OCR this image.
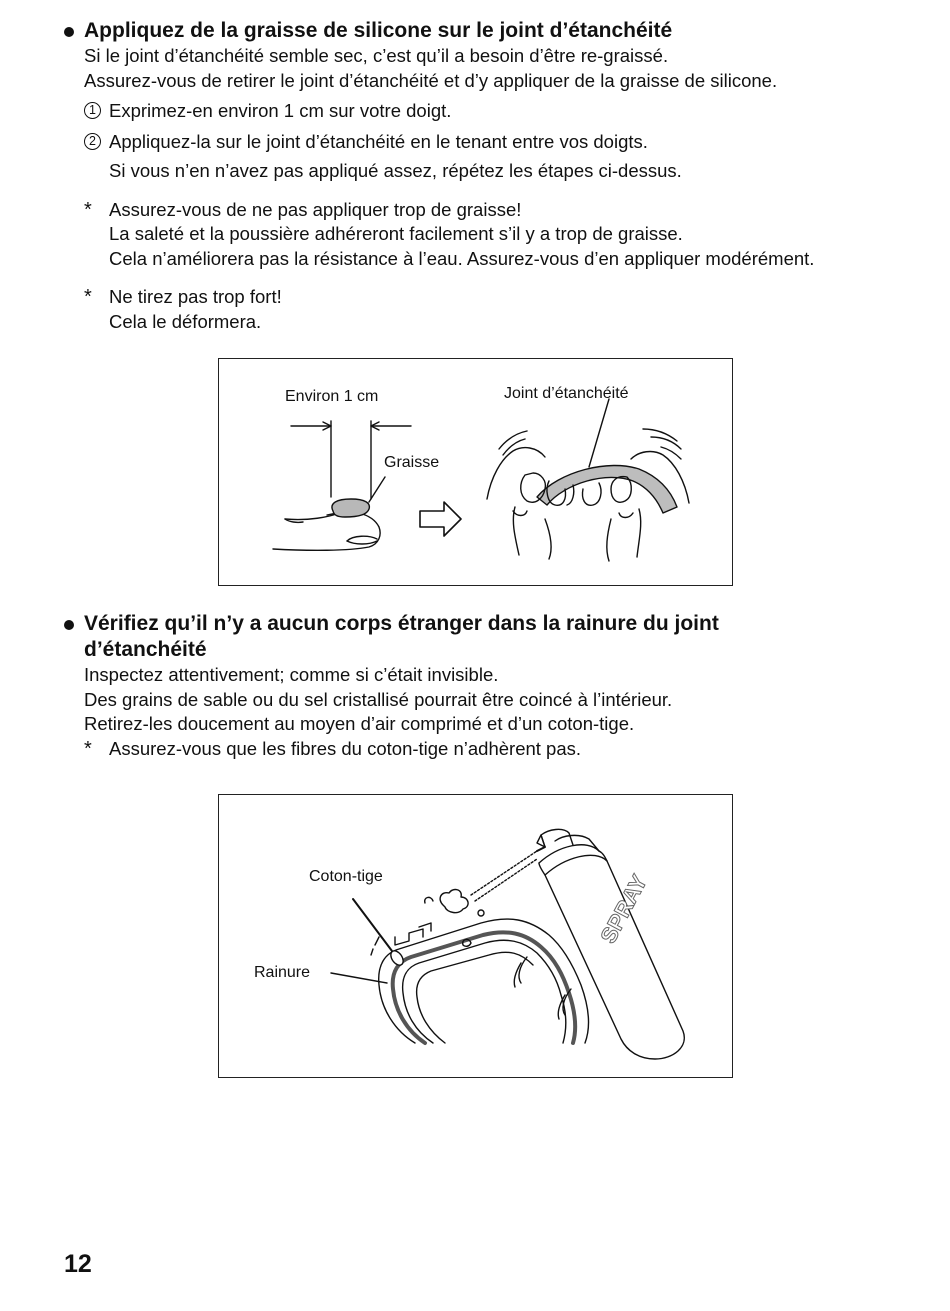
Appliquez de la graisse de silicone sur le joint d’étanchéité
Si le joint d’étanchéité semble sec, c’est qu’il a besoin d’être re-graissé.
Assurez-vous de retirer le joint d’étanchéité et d’y appliquer de la graisse de silicone.
1 Exprimez-en environ 1 cm sur votre doigt.
2 Appliquez-la sur le joint d’étanchéité en le tenant entre vos doigts.
Si vous n’en n’avez pas appliqué assez, répétez les étapes ci-dessus.
* Assurez-vous de ne pas appliquer trop de graisse!
La saleté et la poussière adhéreront facilement s’il y a trop de graisse.
Cela n’améliorera pas la résistance à l’eau. Assurez-vous d’en appliquer modérément.
* Ne tirez pas trop fort!
Cela le déformera.
Environ 1 cm
Graisse
Joint d’étanchéité
Vérifiez qu’il n’y a aucun corps étranger dans la rainure du joint
d’étanchéité
Inspectez attentivement; comme si c’était invisible.
Des grains de sable ou du sel cristallisé pourrait être coincé à l’intérieur.
Retirez-les doucement au moyen d’air comprimé et d’un coton-tige.
* Assurez-vous que les fibres du coton-tige n’adhèrent pas.
SPRAY
Coton-tige
Rainure
12
